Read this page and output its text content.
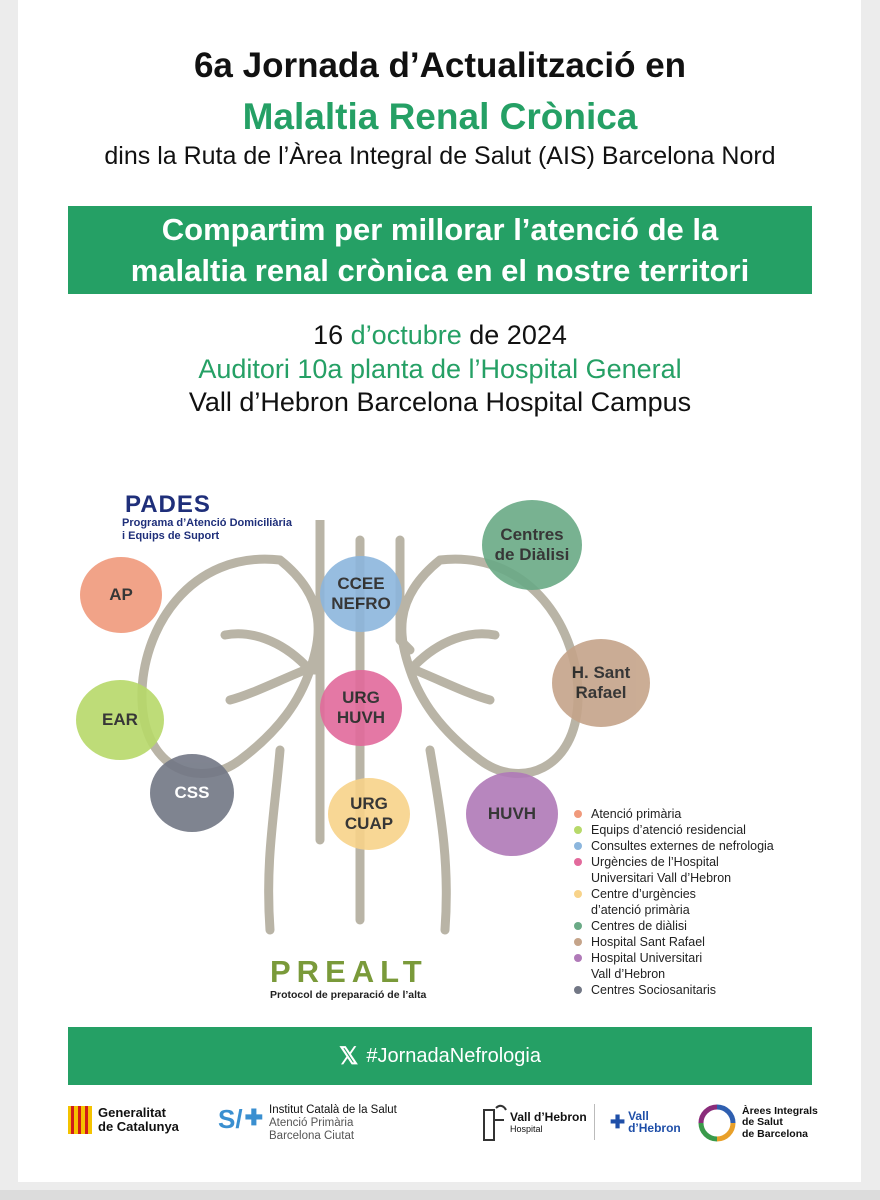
6a Jornada d’Actualització en
Malaltia Renal Crònica
dins la Ruta de l’Àrea Integral de Salut (AIS) Barcelona Nord
Compartim per millorar l’atenció de la
malaltia renal crònica en el nostre territori
16 d’octubre de 2024
Auditori 10a planta de l’Hospital General
Vall d’Hebron Barcelona Hospital Campus
PADES
Programa d’Atenció Domiciliària
i Equips de Suport
AP
EAR
CSS
CCEE
NEFRO
URG
HUVH
URG
CUAP
Centres
de Diàlisi
H. Sant
Rafael
HUVH
PREALT
Protocol de preparació de l’alta
Atenció primària
Equips d’atenció residencial
Consultes externes de nefrologia
Urgències de l’Hospital
Universitari Vall d’Hebron
Centre d’urgències
d’atenció primària
Centres de diàlisi
Hospital Sant Rafael
Hospital Universitari
Vall d’Hebron
Centres Sociosanitaris
𝕏 #JornadaNefrologia
Generalitat
de Catalunya S/ ✚ Institut Català de la Salut
Atenció Primària
Barcelona Ciutat
Vall d’Hebron
Hospital	✚ Vall
d’Hebron
Àrees Integrals
de Salut
de Barcelona
